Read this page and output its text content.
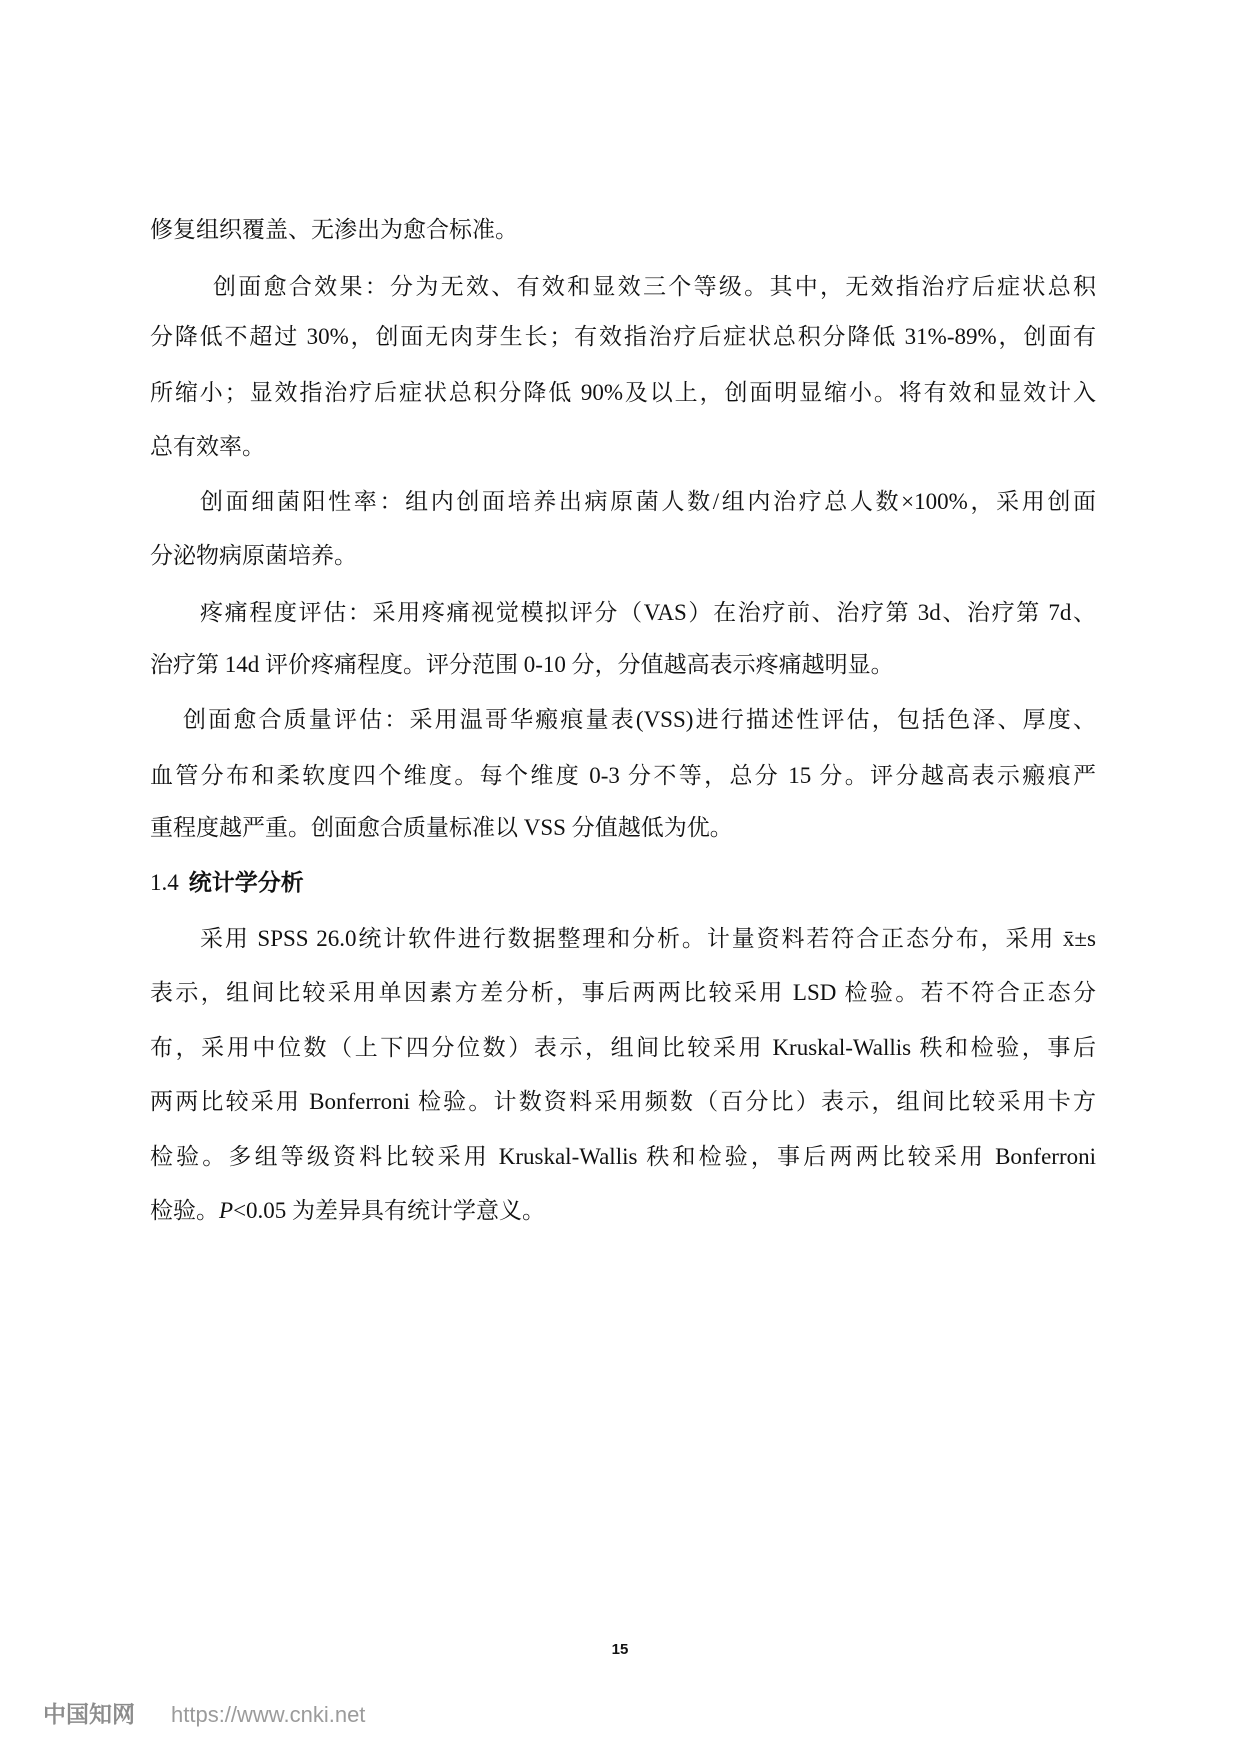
修复组织覆盖、无渗出为愈合标准。
创面愈合效果：分为无效、有效和显效三个等级。其中，无效指治疗后症状总积
分降低不超过 30%，创面无肉芽生长；有效指治疗后症状总积分降低 31%-89%，创面有
所缩小；显效指治疗后症状总积分降低 90%及以上，创面明显缩小。将有效和显效计入
总有效率。
创面细菌阳性率：组内创面培养出病原菌人数/组内治疗总人数×100%，采用创面
分泌物病原菌培养。
疼痛程度评估：采用疼痛视觉模拟评分（VAS）在治疗前、治疗第 3d、治疗第 7d、
治疗第 14d 评价疼痛程度。评分范围 0-10 分，分值越高表示疼痛越明显。
创面愈合质量评估：采用温哥华瘢痕量表(VSS)进行描述性评估，包括色泽、厚度、
血管分布和柔软度四个维度。每个维度 0-3 分不等，总分 15 分。评分越高表示瘢痕严
重程度越严重。创面愈合质量标准以 VSS 分值越低为优。
1.4 统计学分析
采用 SPSS 26.0统计软件进行数据整理和分析。计量资料若符合正态分布，采用 x̄±s
表示，组间比较采用单因素方差分析，事后两两比较采用 LSD 检验。若不符合正态分
布，采用中位数（上下四分位数）表示，组间比较采用 Kruskal-Wallis 秩和检验，事后
两两比较采用 Bonferroni 检验。计数资料采用频数（百分比）表示，组间比较采用卡方
检验。多组等级资料比较采用 Kruskal-Wallis 秩和检验，事后两两比较采用 Bonferroni
检验。P<0.05 为差异具有统计学意义。
15
中国知网 https://www.cnki.net
